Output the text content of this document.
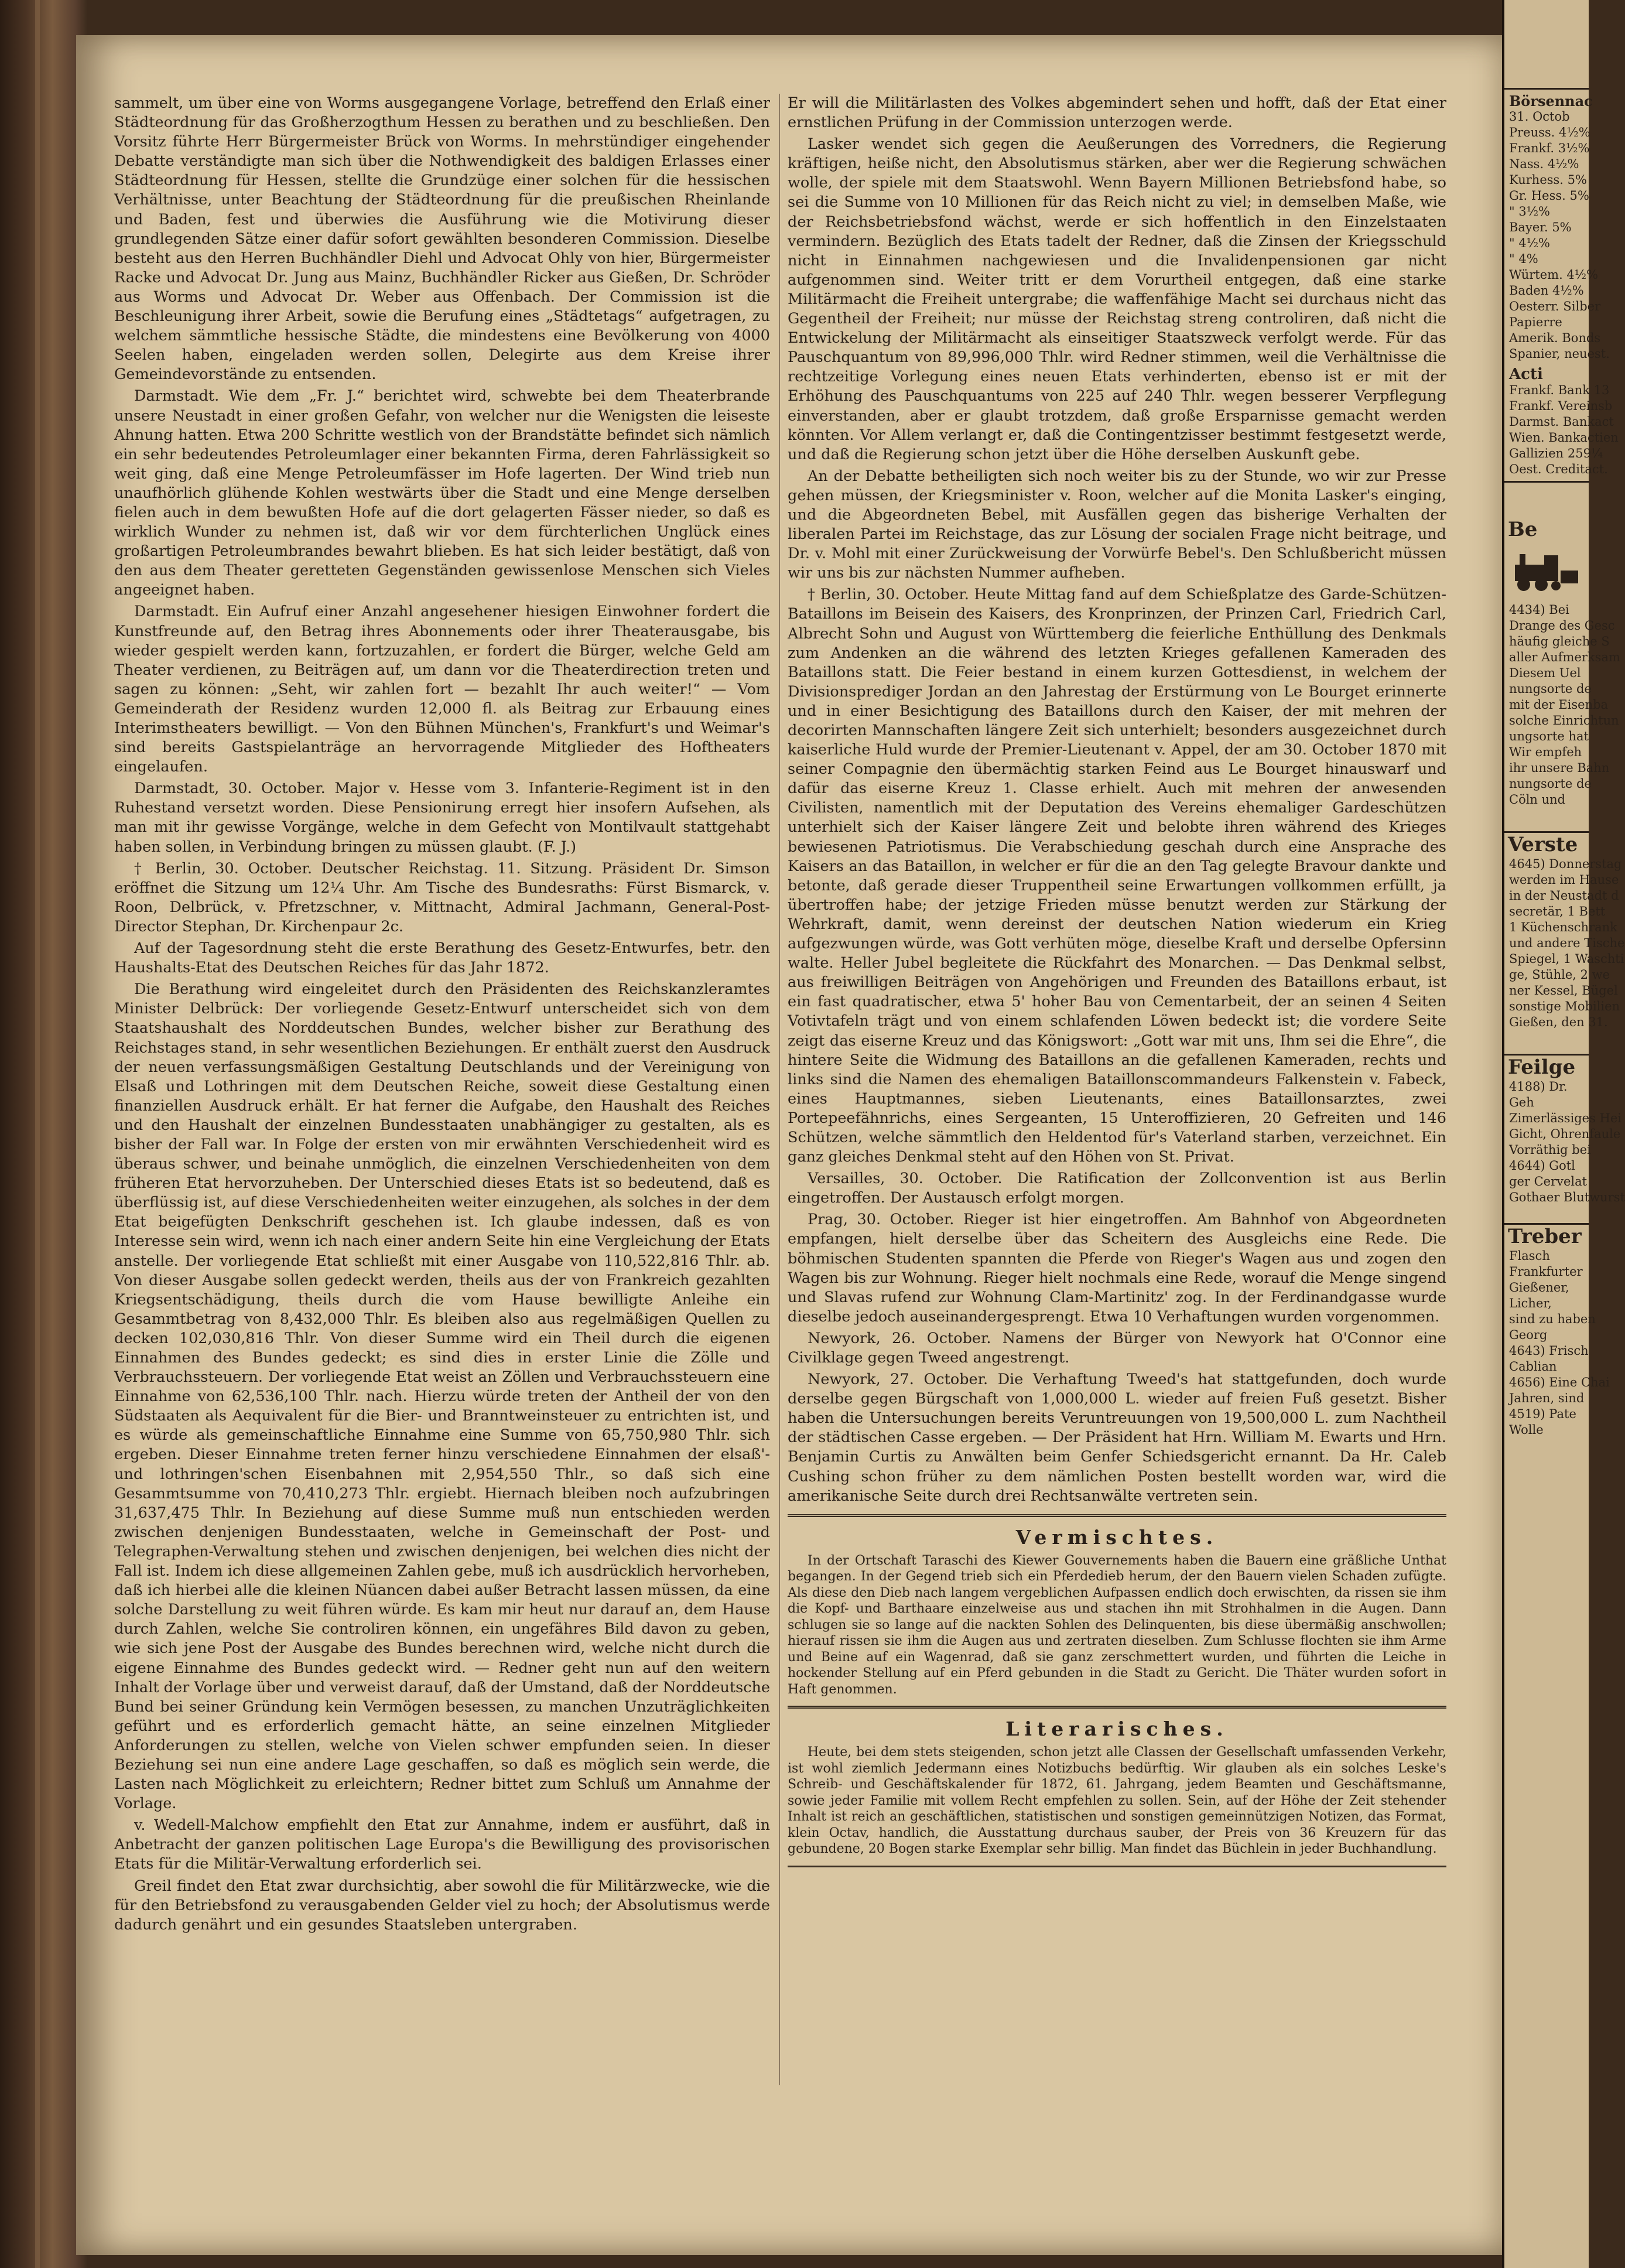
sammelt, um über eine von Worms ausgegangene Vorlage, betreffend den Erlaß einer Städteordnung für das Großherzogthum Hessen zu berathen und zu beschließen. Den Vorsitz führte Herr Bürgermeister Brück von Worms. In mehrstündiger eingehender Debatte verständigte man sich über die Nothwendigkeit des baldigen Erlasses einer Städteordnung für Hessen, stellte die Grundzüge einer solchen für die hessischen Verhältnisse, unter Beachtung der Städteordnung für die preußischen Rheinlande und Baden, fest und überwies die Ausführung wie die Motivirung dieser grundlegenden Sätze einer dafür sofort gewählten besonderen Commission. Dieselbe besteht aus den Herren Buchhändler Diehl und Advocat Ohly von hier, Bürgermeister Racke und Advocat Dr. Jung aus Mainz, Buchhändler Ricker aus Gießen, Dr. Schröder aus Worms und Advocat Dr. Weber aus Offenbach. Der Commission ist die Beschleunigung ihrer Arbeit, sowie die Berufung eines „Städtetags“ aufgetragen, zu welchem sämmtliche hessische Städte, die mindestens eine Bevölkerung von 4000 Seelen haben, eingeladen werden sollen, Delegirte aus dem Kreise ihrer Gemeindevorstände zu entsenden.

Darmstadt. Wie dem „Fr. J.“ berichtet wird, schwebte bei dem Theaterbrande unsere Neustadt in einer großen Gefahr, von welcher nur die Wenigsten die leiseste Ahnung hatten. Etwa 200 Schritte westlich von der Brandstätte befindet sich nämlich ein sehr bedeutendes Petroleumlager einer bekannten Firma, deren Fahrlässigkeit so weit ging, daß eine Menge Petroleumfässer im Hofe lagerten. Der Wind trieb nun unaufhörlich glühende Kohlen westwärts über die Stadt und eine Menge derselben fielen auch in dem bewußten Hofe auf die dort gelagerten Fässer nieder, so daß es wirklich Wunder zu nehmen ist, daß wir vor dem fürchterlichen Unglück eines großartigen Petroleumbrandes bewahrt blieben. Es hat sich leider bestätigt, daß von den aus dem Theater geretteten Gegenständen gewissenlose Menschen sich Vieles angeeignet haben.

Darmstadt. Ein Aufruf einer Anzahl angesehener hiesigen Einwohner fordert die Kunstfreunde auf, den Betrag ihres Abonnements oder ihrer Theaterausgabe, bis wieder gespielt werden kann, fortzuzahlen, er fordert die Bürger, welche Geld am Theater verdienen, zu Beiträgen auf, um dann vor die Theaterdirection treten und sagen zu können: „Seht, wir zahlen fort — bezahlt Ihr auch weiter!“ — Vom Gemeinderath der Residenz wurden 12,000 fl. als Beitrag zur Erbauung eines Interimstheaters bewilligt. — Von den Bühnen München's, Frankfurt's und Weimar's sind bereits Gastspielanträge an hervorragende Mitglieder des Hoftheaters eingelaufen.

Darmstadt, 30. October. Major v. Hesse vom 3. Infanterie-Regiment ist in den Ruhestand versetzt worden. Diese Pensionirung erregt hier insofern Aufsehen, als man mit ihr gewisse Vorgänge, welche in dem Gefecht von Montilvault stattgehabt haben sollen, in Verbindung bringen zu müssen glaubt. (F. J.)

† Berlin, 30. October. Deutscher Reichstag. 11. Sitzung. Präsident Dr. Simson eröffnet die Sitzung um 12¼ Uhr. Am Tische des Bundesraths: Fürst Bismarck, v. Roon, Delbrück, v. Pfretzschner, v. Mittnacht, Admiral Jachmann, General-Post-Director Stephan, Dr. Kirchenpaur 2c.

Auf der Tagesordnung steht die erste Berathung des Gesetz-Entwurfes, betr. den Haushalts-Etat des Deutschen Reiches für das Jahr 1872.

Die Berathung wird eingeleitet durch den Präsidenten des Reichskanzleramtes Minister Delbrück: Der vorliegende Gesetz-Entwurf unterscheidet sich von dem Staatshaushalt des Norddeutschen Bundes, welcher bisher zur Berathung des Reichstages stand, in sehr wesentlichen Beziehungen. Er enthält zuerst den Ausdruck der neuen verfassungsmäßigen Gestaltung Deutschlands und der Vereinigung von Elsaß und Lothringen mit dem Deutschen Reiche, soweit diese Gestaltung einen finanziellen Ausdruck erhält. Er hat ferner die Aufgabe, den Haushalt des Reiches und den Haushalt der einzelnen Bundesstaaten unabhängiger zu gestalten, als es bisher der Fall war. In Folge der ersten von mir erwähnten Verschiedenheit wird es überaus schwer, und beinahe unmöglich, die einzelnen Verschiedenheiten von dem früheren Etat hervorzuheben. Der Unterschied dieses Etats ist so bedeutend, daß es überflüssig ist, auf diese Verschiedenheiten weiter einzugehen, als solches in der dem Etat beigefügten Denkschrift geschehen ist. Ich glaube indessen, daß es von Interesse sein wird, wenn ich nach einer andern Seite hin eine Vergleichung der Etats anstelle. Der vorliegende Etat schließt mit einer Ausgabe von 110,522,816 Thlr. ab. Von dieser Ausgabe sollen gedeckt werden, theils aus der von Frankreich gezahlten Kriegsentschädigung, theils durch die vom Hause bewilligte Anleihe ein Gesammtbetrag von 8,432,000 Thlr. Es bleiben also aus regelmäßigen Quellen zu decken 102,030,816 Thlr. Von dieser Summe wird ein Theil durch die eigenen Einnahmen des Bundes gedeckt; es sind dies in erster Linie die Zölle und Verbrauchssteuern. Der vorliegende Etat weist an Zöllen und Verbrauchssteuern eine Einnahme von 62,536,100 Thlr. nach. Hierzu würde treten der Antheil der von den Südstaaten als Aequivalent für die Bier- und Branntweinsteuer zu entrichten ist, und es würde als gemeinschaftliche Einnahme eine Summe von 65,750,980 Thlr. sich ergeben. Dieser Einnahme treten ferner hinzu verschiedene Einnahmen der elsaß'- und lothringen'schen Eisenbahnen mit 2,954,550 Thlr., so daß sich eine Gesammtsumme von 70,410,273 Thlr. ergiebt. Hiernach bleiben noch aufzubringen 31,637,475 Thlr. In Beziehung auf diese Summe muß nun entschieden werden zwischen denjenigen Bundesstaaten, welche in Gemeinschaft der Post- und Telegraphen-Verwaltung stehen und zwischen denjenigen, bei welchen dies nicht der Fall ist. Indem ich diese allgemeinen Zahlen gebe, muß ich ausdrücklich hervorheben, daß ich hierbei alle die kleinen Nüancen dabei außer Betracht lassen müssen, da eine solche Darstellung zu weit führen würde. Es kam mir heut nur darauf an, dem Hause durch Zahlen, welche Sie controliren können, ein ungefähres Bild davon zu geben, wie sich jene Post der Ausgabe des Bundes berechnen wird, welche nicht durch die eigene Einnahme des Bundes gedeckt wird. — Redner geht nun auf den weitern Inhalt der Vorlage über und verweist darauf, daß der Umstand, daß der Norddeutsche Bund bei seiner Gründung kein Vermögen besessen, zu manchen Unzuträglichkeiten geführt und es erforderlich gemacht hätte, an seine einzelnen Mitglieder Anforderungen zu stellen, welche von Vielen schwer empfunden seien. In dieser Beziehung sei nun eine andere Lage geschaffen, so daß es möglich sein werde, die Lasten nach Möglichkeit zu erleichtern; Redner bittet zum Schluß um Annahme der Vorlage.

v. Wedell-Malchow empfiehlt den Etat zur Annahme, indem er ausführt, daß in Anbetracht der ganzen politischen Lage Europa's die Bewilligung des provisorischen Etats für die Militär-Verwaltung erforderlich sei.

Greil findet den Etat zwar durchsichtig, aber sowohl die für Militärzwecke, wie die für den Betriebsfond zu verausgabenden Gelder viel zu hoch; der Absolutismus werde dadurch genährt und ein gesundes Staatsleben untergraben.

Er will die Militärlasten des Volkes abgemindert sehen und hofft, daß der Etat einer ernstlichen Prüfung in der Commission unterzogen werde.

Lasker wendet sich gegen die Aeußerungen des Vorredners, die Regierung kräftigen, heiße nicht, den Absolutismus stärken, aber wer die Regierung schwächen wolle, der spiele mit dem Staatswohl. Wenn Bayern Millionen Betriebsfond habe, so sei die Summe von 10 Millionen für das Reich nicht zu viel; in demselben Maße, wie der Reichsbetriebsfond wächst, werde er sich hoffentlich in den Einzelstaaten vermindern. Bezüglich des Etats tadelt der Redner, daß die Zinsen der Kriegsschuld nicht in Einnahmen nachgewiesen und die Invalidenpensionen gar nicht aufgenommen sind. Weiter tritt er dem Vorurtheil entgegen, daß eine starke Militärmacht die Freiheit untergrabe; die waffenfähige Macht sei durchaus nicht das Gegentheil der Freiheit; nur müsse der Reichstag streng controliren, daß nicht die Entwickelung der Militärmacht als einseitiger Staatszweck verfolgt werde. Für das Pauschquantum von 89,996,000 Thlr. wird Redner stimmen, weil die Verhältnisse die rechtzeitige Vorlegung eines neuen Etats verhinderten, ebenso ist er mit der Erhöhung des Pauschquantums von 225 auf 240 Thlr. wegen besserer Verpflegung einverstanden, aber er glaubt trotzdem, daß große Ersparnisse gemacht werden könnten. Vor Allem verlangt er, daß die Contingentzisser bestimmt festgesetzt werde, und daß die Regierung schon jetzt über die Höhe derselben Auskunft gebe.

An der Debatte betheiligten sich noch weiter bis zu der Stunde, wo wir zur Presse gehen müssen, der Kriegsminister v. Roon, welcher auf die Monita Lasker's einging, und die Abgeordneten Bebel, mit Ausfällen gegen das bisherige Verhalten der liberalen Partei im Reichstage, das zur Lösung der socialen Frage nicht beitrage, und Dr. v. Mohl mit einer Zurückweisung der Vorwürfe Bebel's. Den Schlußbericht müssen wir uns bis zur nächsten Nummer aufheben.

† Berlin, 30. October. Heute Mittag fand auf dem Schießplatze des Garde-Schützen-Bataillons im Beisein des Kaisers, des Kronprinzen, der Prinzen Carl, Friedrich Carl, Albrecht Sohn und August von Württemberg die feierliche Enthüllung des Denkmals zum Andenken an die während des letzten Krieges gefallenen Kameraden des Bataillons statt. Die Feier bestand in einem kurzen Gottesdienst, in welchem der Divisionsprediger Jordan an den Jahrestag der Erstürmung von Le Bourget erinnerte und in einer Besichtigung des Bataillons durch den Kaiser, der mit mehren der decorirten Mannschaften längere Zeit sich unterhielt; besonders ausgezeichnet durch kaiserliche Huld wurde der Premier-Lieutenant v. Appel, der am 30. October 1870 mit seiner Compagnie den übermächtig starken Feind aus Le Bourget hinauswarf und dafür das eiserne Kreuz 1. Classe erhielt. Auch mit mehren der anwesenden Civilisten, namentlich mit der Deputation des Vereins ehemaliger Gardeschützen unterhielt sich der Kaiser längere Zeit und belobte ihren während des Krieges bewiesenen Patriotismus. Die Verabschiedung geschah durch eine Ansprache des Kaisers an das Bataillon, in welcher er für die an den Tag gelegte Bravour dankte und betonte, daß gerade dieser Truppentheil seine Erwartungen vollkommen erfüllt, ja übertroffen habe; der jetzige Frieden müsse benutzt werden zur Stärkung der Wehrkraft, damit, wenn dereinst der deutschen Nation wiederum ein Krieg aufgezwungen würde, was Gott verhüten möge, dieselbe Kraft und derselbe Opfersinn walte. Heller Jubel begleitete die Rückfahrt des Monarchen. — Das Denkmal selbst, aus freiwilligen Beiträgen von Angehörigen und Freunden des Bataillons erbaut, ist ein fast quadratischer, etwa 5' hoher Bau von Cementarbeit, der an seinen 4 Seiten Votivtafeln trägt und von einem schlafenden Löwen bedeckt ist; die vordere Seite zeigt das eiserne Kreuz und das Königswort: „Gott war mit uns, Ihm sei die Ehre“, die hintere Seite die Widmung des Bataillons an die gefallenen Kameraden, rechts und links sind die Namen des ehemaligen Bataillonscommandeurs Falkenstein v. Fabeck, eines Hauptmannes, sieben Lieutenants, eines Bataillonsarztes, zwei Portepeefähnrichs, eines Sergeanten, 15 Unteroffizieren, 20 Gefreiten und 146 Schützen, welche sämmtlich den Heldentod für's Vaterland starben, verzeichnet. Ein ganz gleiches Denkmal steht auf den Höhen von St. Privat.

Versailles, 30. October. Die Ratification der Zollconvention ist aus Berlin eingetroffen. Der Austausch erfolgt morgen.

Prag, 30. October. Rieger ist hier eingetroffen. Am Bahnhof von Abgeordneten empfangen, hielt derselbe über das Scheitern des Ausgleichs eine Rede. Die böhmischen Studenten spannten die Pferde von Rieger's Wagen aus und zogen den Wagen bis zur Wohnung. Rieger hielt nochmals eine Rede, worauf die Menge singend und Slavas rufend zur Wohnung Clam-Martinitz' zog. In der Ferdinandgasse wurde dieselbe jedoch auseinandergesprengt. Etwa 10 Verhaftungen wurden vorgenommen.

Newyork, 26. October. Namens der Bürger von Newyork hat O'Connor eine Civilklage gegen Tweed angestrengt.

Newyork, 27. October. Die Verhaftung Tweed's hat stattgefunden, doch wurde derselbe gegen Bürgschaft von 1,000,000 L. wieder auf freien Fuß gesetzt. Bisher haben die Untersuchungen bereits Veruntreuungen von 19,500,000 L. zum Nachtheil der städtischen Casse ergeben. — Der Präsident hat Hrn. William M. Ewarts und Hrn. Benjamin Curtis zu Anwälten beim Genfer Schiedsgericht ernannt. Da Hr. Caleb Cushing schon früher zu dem nämlichen Posten bestellt worden war, wird die amerikanische Seite durch drei Rechtsanwälte vertreten sein.

Vermischtes.

In der Ortschaft Taraschi des Kiewer Gouvernements haben die Bauern eine gräßliche Unthat begangen. In der Gegend trieb sich ein Pferdedieb herum, der den Bauern vielen Schaden zufügte. Als diese den Dieb nach langem vergeblichen Aufpassen endlich doch erwischten, da rissen sie ihm die Kopf- und Barthaare einzelweise aus und stachen ihn mit Strohhalmen in die Augen. Dann schlugen sie so lange auf die nackten Sohlen des Delinquenten, bis diese übermäßig anschwollen; hierauf rissen sie ihm die Augen aus und zertraten dieselben. Zum Schlusse flochten sie ihm Arme und Beine auf ein Wagenrad, daß sie ganz zerschmettert wurden, und führten die Leiche in hockender Stellung auf ein Pferd gebunden in die Stadt zu Gericht. Die Thäter wurden sofort in Haft genommen.

Literarisches.

Heute, bei dem stets steigenden, schon jetzt alle Classen der Gesellschaft umfassenden Verkehr, ist wohl ziemlich Jedermann eines Notizbuchs bedürftig. Wir glauben als ein solches Leske's Schreib- und Geschäftskalender für 1872, 61. Jahrgang, jedem Beamten und Geschäftsmanne, sowie jeder Familie mit vollem Recht empfehlen zu sollen. Sein, auf der Höhe der Zeit stehender Inhalt ist reich an geschäftlichen, statistischen und sonstigen gemeinnützigen Notizen, das Format, klein Octav, handlich, die Ausstattung durchaus sauber, der Preis von 36 Kreuzern für das gebundene, 20 Bogen starke Exemplar sehr billig. Man findet das Büchlein in jeder Buchhandlung.

Börsennac
31. Octob
Preuss. 4½%
Frankf. 3½%
Nass. 4½%
Kurhess. 5%
Gr. Hess. 5%
" 3½%
Bayer. 5%
" 4½%
" 4%
Würtem. 4½%
Baden 4½%
Oesterr. Silber
Papierre
Amerik. Bonds
Spanier, neuest.
Acti
Frankf. Bank 13
Frankf. Vereinsb
Darmst. Bankact
Wien. Bankactien
Gallizien 259¼
Oest. Creditact.
Be
4434) Bei
Drange des Gesc
häufig gleiche S
aller Aufmerksam
Diesem Uel
nungsorte de
mit der Eisenba
solche Einrichtun
ungsorte hat
Wir empfeh
ihr unsere Bahn
nungsorte de
Cöln und
Verste
4645) Donnerstag
werden im Hause
in der Neustadt d
secretär, 1 Bett
1 Küchenschrank
und andere Tische
Spiegel, 1 Waschti
ge, Stühle, 2 we
ner Kessel, Bügel
sonstige Mobilien
Gießen, den 31.
Feilge
4188) Dr.
Geh
Zimerlässiges Hei
Gicht, Ohrenfaule
Vorräthig bei
4644) Gotl
ger Cervelat
Gothaer Blutwurst
Treber
Flasch
Frankfurter
Gießener,
Licher,
sind zu haben
Georg
4643) Frisch
Cablian
4656) Eine Chai
Jahren, sind
4519) Pate
Wolle
